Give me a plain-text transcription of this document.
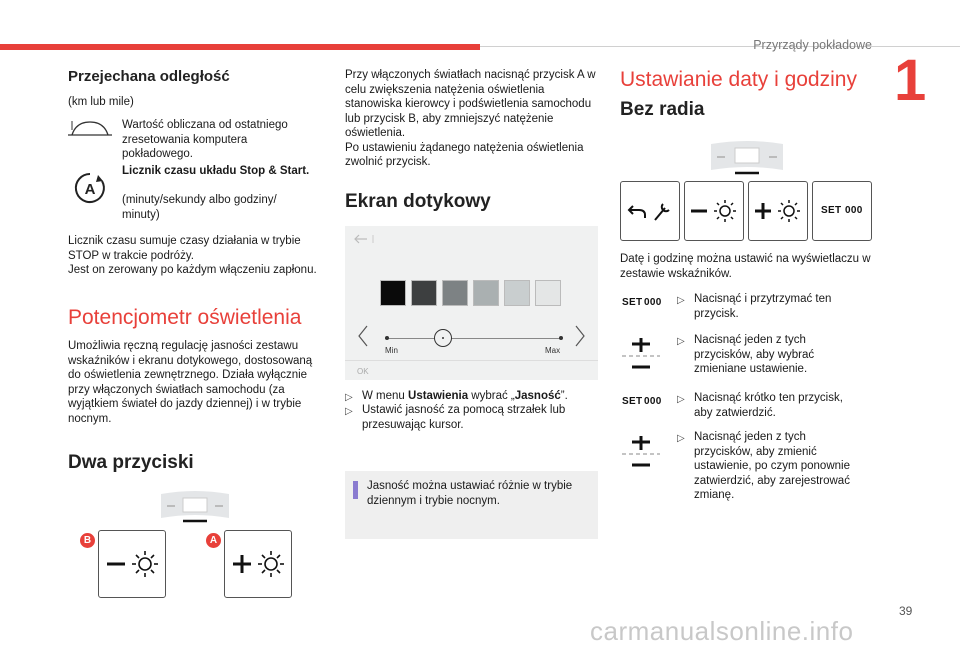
Przyrządy pokładowe
1
Przejechana odległość
(km lub mile)
Wartość obliczana od ostatniego zresetowania komputera pokładowego.
A
Licznik czasu układu Stop & Start.
(minuty/sekundy albo godziny/ minuty)
Licznik czasu sumuje czasy działania w trybie STOP w trakcie podróży.
Jest on zerowany po każdym włączeniu zapłonu.
Potencjometr oświetlenia
Umożliwia ręczną regulację jasności zestawu wskaźników i ekranu dotykowego, dostosowaną do oświetlenia zewnętrznego. Działa wyłącznie przy włączonych światłach samochodu (za wyjątkiem świateł do jazdy dziennej) i w trybie nocnym.
Dwa przyciski
B	A
Przy włączonych światłach nacisnąć przycisk A w celu zwiększenia natężenia oświetlenia stanowiska kierowcy i podświetlenia samochodu lub przycisk B, aby zmniejszyć natężenie oświetlenia.
Po ustawieniu żądanego natężenia oświetlenia zwolnić przycisk.
Ekran dotykowy
Min	Max
OK
▷ W menu Ustawienia wybrać „Jasność”.
▷ Ustawić jasność za pomocą strzałek lub przesuwając kursor.
Jasność można ustawiać różnie w trybie dziennym i trybie nocnym.
Ustawianie daty i godziny
Bez radia
SET 000
Datę i godzinę można ustawić na wyświetlaczu w zestawie wskaźników.
SET 000 ▷ Nacisnąć i przytrzymać ten przycisk.
▷ Nacisnąć jeden z tych przycisków, aby wybrać zmieniane ustawienie.
SET 000 ▷ Nacisnąć krótko ten przycisk, aby zatwierdzić.
▷ Nacisnąć jeden z tych przycisków, aby zmienić ustawienie, po czym ponownie zatwierdzić, aby zarejestrować zmianę.
39
carmanualsonline.info
